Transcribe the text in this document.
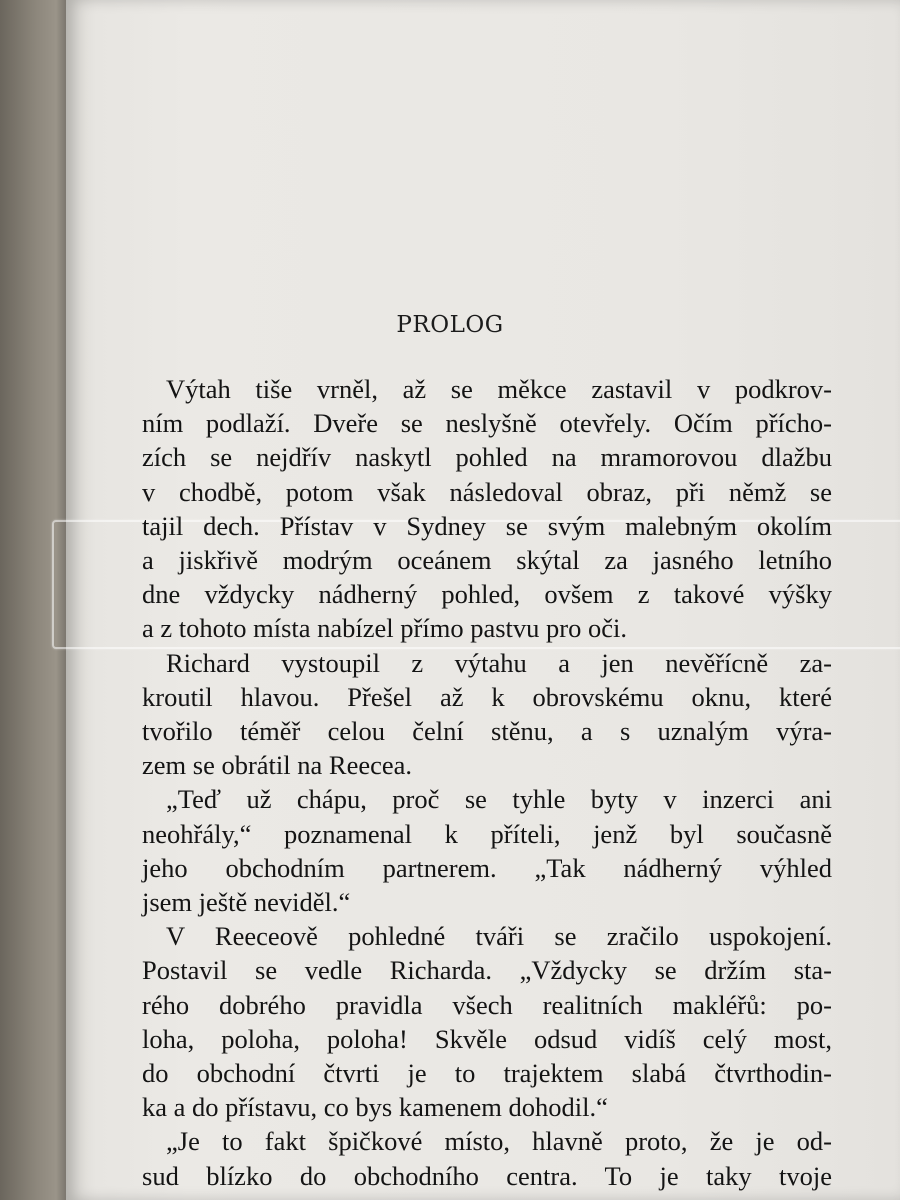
PROLOG
Výtah tiše vrněl, až se měkce zastavil v podkrov-
ním podlaží. Dveře se neslyšně otevřely. Očím přícho-
zích se nejdřív naskytl pohled na mramorovou dlažbu
v chodbě, potom však následoval obraz, při němž se
tajil dech. Přístav v Sydney se svým malebným okolím
a jiskřivě modrým oceánem skýtal za jasného letního
dne vždycky nádherný pohled, ovšem z takové výšky
a z tohoto místa nabízel přímo pastvu pro oči.
Richard vystoupil z výtahu a jen nevěřícně za-
kroutil hlavou. Přešel až k obrovskému oknu, které
tvořilo téměř celou čelní stěnu, a s uznalým výra-
zem se obrátil na Reecea.
„Teď už chápu, proč se tyhle byty v inzerci ani
neohřály,“ poznamenal k příteli, jenž byl současně
jeho obchodním partnerem. „Tak nádherný výhled
jsem ještě neviděl.“
V Reeceově pohledné tváři se zračilo uspokojení.
Postavil se vedle Richarda. „Vždycky se držím sta-
rého dobrého pravidla všech realitních makléřů: po-
loha, poloha, poloha! Skvěle odsud vidíš celý most,
do obchodní čtvrti je to trajektem slabá čtvrthodin-
ka a do přístavu, co bys kamenem dohodil.“
„Je to fakt špičkové místo, hlavně proto, že je od-
sud blízko do obchodního centra. To je taky tvoje
